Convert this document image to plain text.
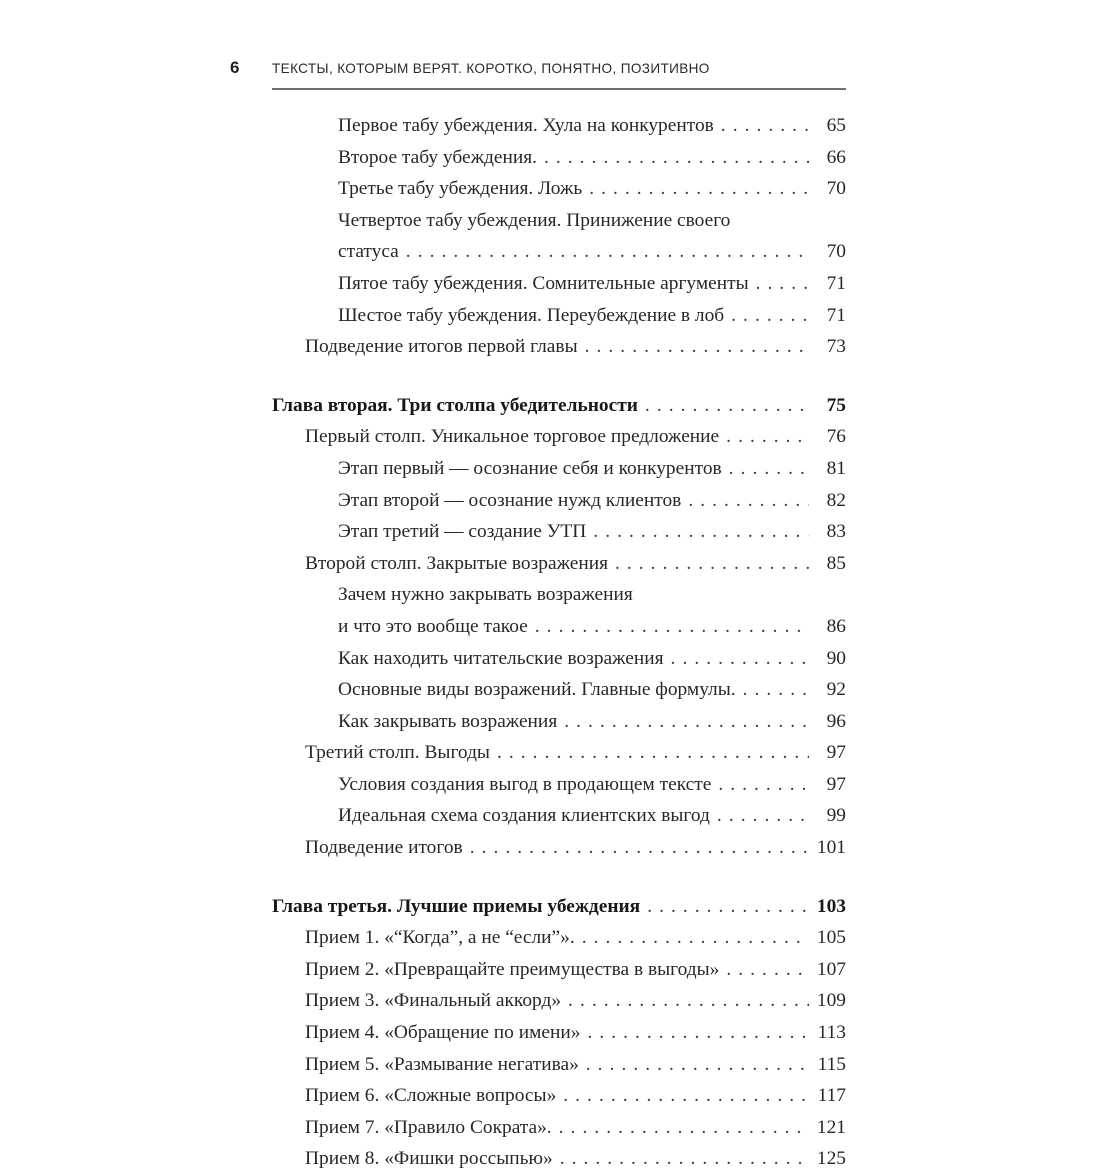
6	ТЕКСТЫ, КОТОРЫМ ВЕРЯТ. КОРОТКО, ПОНЯТНО, ПОЗИТИВНО
Первое табу убеждения. Хула на конкурентов . . .	65
Второе табу убеждения. . . .	66
Третье табу убеждения. Ложь . . .	70
Четвертое табу убеждения. Принижение своего
статуса . . .	70
Пятое табу убеждения. Сомнительные аргументы . . .	71
Шестое табу убеждения. Переубеждение в лоб . . .	71
Подведение итогов первой главы . . .	73
Глава вторая. Три столпа убедительности . . .	75
Первый столп. Уникальное торговое предложение . . .	76
Этап первый — осознание себя и конкурентов . . .	81
Этап второй — осознание нужд клиентов . . .	82
Этап третий — создание УТП . . .	83
Второй столп. Закрытые возражения . . .	85
Зачем нужно закрывать возражения
и что это вообще такое . . .	86
Как находить читательские возражения . . .	90
Основные виды возражений. Главные формулы. . . .	92
Как закрывать возражения . . .	96
Третий столп. Выгоды . . .	97
Условия создания выгод в продающем тексте . . .	97
Идеальная схема создания клиентских выгод . . .	99
Подведение итогов . . .	101
Глава третья. Лучшие приемы убеждения . . .	103
Прием 1. «“Когда”, а не “если”». . . .	105
Прием 2. «Превращайте преимущества в выгоды» . . .	107
Прием 3. «Финальный аккорд» . . .	109
Прием 4. «Обращение по имени» . . .	113
Прием 5. «Размывание негатива» . . .	115
Прием 6. «Сложные вопросы» . . .	117
Прием 7. «Правило Сократа». . . .	121
Прием 8. «Фишки россыпью» . . .	125
